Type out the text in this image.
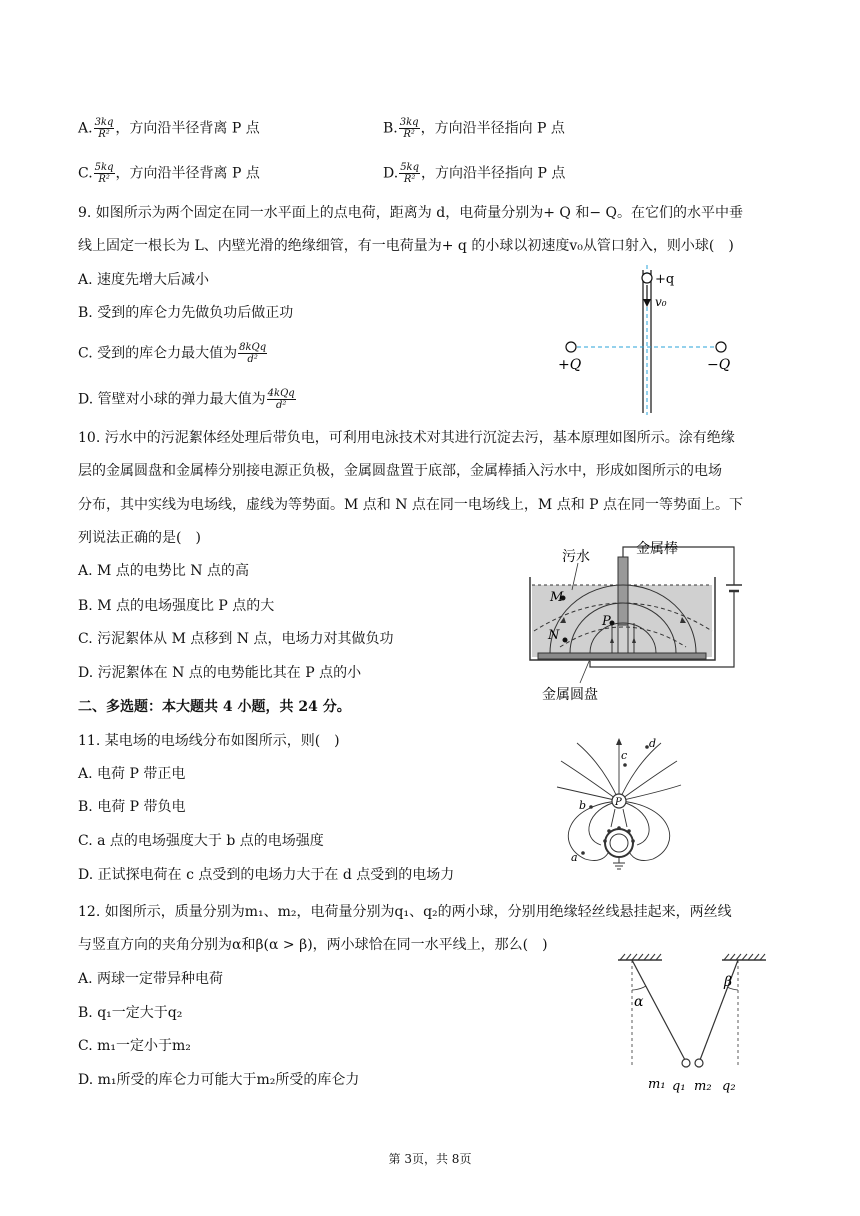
A. $\frac{3kq}{\text{R²}}$ ，方向沿半径背离 P 点	B. $\frac{3kq}{\text{R²}}$ ，方向沿半径指向 P 点
C. $\frac{5kq}{\text{R²}}$ ，方向沿半径背离 P 点	D. $\frac{5kq}{\text{R²}}$ ，方向沿半径指向 P 点
9. 如图所示为两个固定在同一水平面上的点电荷，距离为 d，电荷量分别为+ Q 和− Q。在它们的水平中垂
线上固定一根长为 L、内壁光滑的绝缘细管，有一电荷量为+ q 的小球以初速度v₀从管口射入，则小球(　)
A. 速度先增大后减小
B. 受到的库仑力先做负功后做正功
C. 受到的库仑力最大值为 $\frac{\text{8kQq}}{\text{d²}}$
D. 管壁对小球的弹力最大值为 $\frac{\text{4kQq}}{\text{d²}}$
+q
v₀
+Q	−Q
10. 污水中的污泥絮体经处理后带负电，可利用电泳技术对其进行沉淀去污，基本原理如图所示。涂有绝缘
层的金属圆盘和金属棒分别接电源正负极，金属圆盘置于底部，金属棒插入污水中，形成如图所示的电场
分布，其中实线为电场线，虚线为等势面。M 点和 N 点在同一电场线上，M 点和 P 点在同一等势面上。下
列说法正确的是(　)
A. M 点的电势比 N 点的高
B. M 点的电场强度比 P 点的大
C. 污泥絮体从 M 点移到 N 点，电场力对其做负功
D. 污泥絮体在 N 点的电势能比其在 P 点的小
M
N
P
污水	金属棒
金属圆盘
二、多选题：本大题共 4 小题，共 24 分。
11. 某电场的电场线分布如图所示，则(　)
A. 电荷 P 带正电
B. 电荷 P 带负电
C. a 点的电场强度大于 b 点的电场强度
D. 正试探电荷在 c 点受到的电场力大于在 d 点受到的电场力
P
a
b
c
d
12. 如图所示，质量分别为m₁、m₂，电荷量分别为q₁、q₂的两小球，分别用绝缘轻丝线悬挂起来，两丝线
与竖直方向的夹角分别为α和β(α > β)，两小球恰在同一水平线上，那么(　)
A. 两球一定带异种电荷
B. q₁一定大于q₂
C. m₁一定小于m₂
D. m₁所受的库仑力可能大于m₂所受的库仑力
α
β
m₁ q₁ m₂ q₂
第 3页，共 8页
